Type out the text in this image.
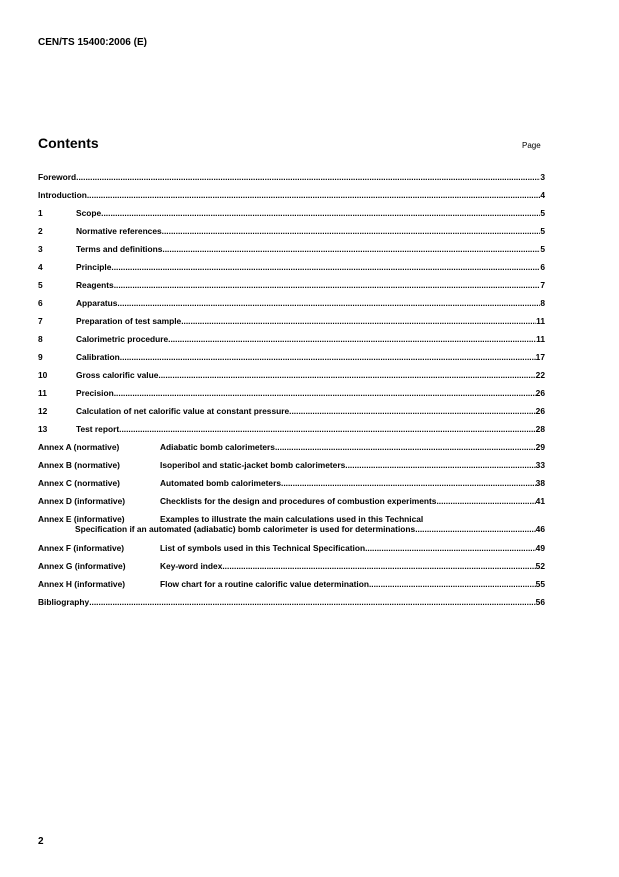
CEN/TS 15400:2006 (E)
Contents	Page
Foreword .....	3
Introduction .....	4
1	Scope .....	5
2	Normative references .....	5
3	Terms and definitions .....	5
4	Principle .....	6
5	Reagents .....	7
6	Apparatus .....	8
7	Preparation of test sample .....	11
8	Calorimetric procedure .....	11
9	Calibration .....	17
10	Gross calorific value .....	22
11	Precision .....	26
12	Calculation of net calorific value at constant pressure .....	26
13	Test report .....	28
Annex A (normative)	Adiabatic bomb calorimeters .....	29
Annex B (normative)	Isoperibol and static-jacket bomb calorimeters .....	33
Annex C (normative)	Automated bomb calorimeters .....	38
Annex D (informative)	Checklists for the design and procedures of combustion experiments .....	41
Annex E (informative)	Examples to illustrate the main calculations used in this Technical
Specification if an automated (adiabatic) bomb calorimeter is used for determinations .....	46
Annex F (informative)	List of symbols used in this Technical Specification .....	49
Annex G (informative)	Key-word index .....	52
Annex H (informative)	Flow chart for a routine calorific value determination .....	55
Bibliography .....	56
2
